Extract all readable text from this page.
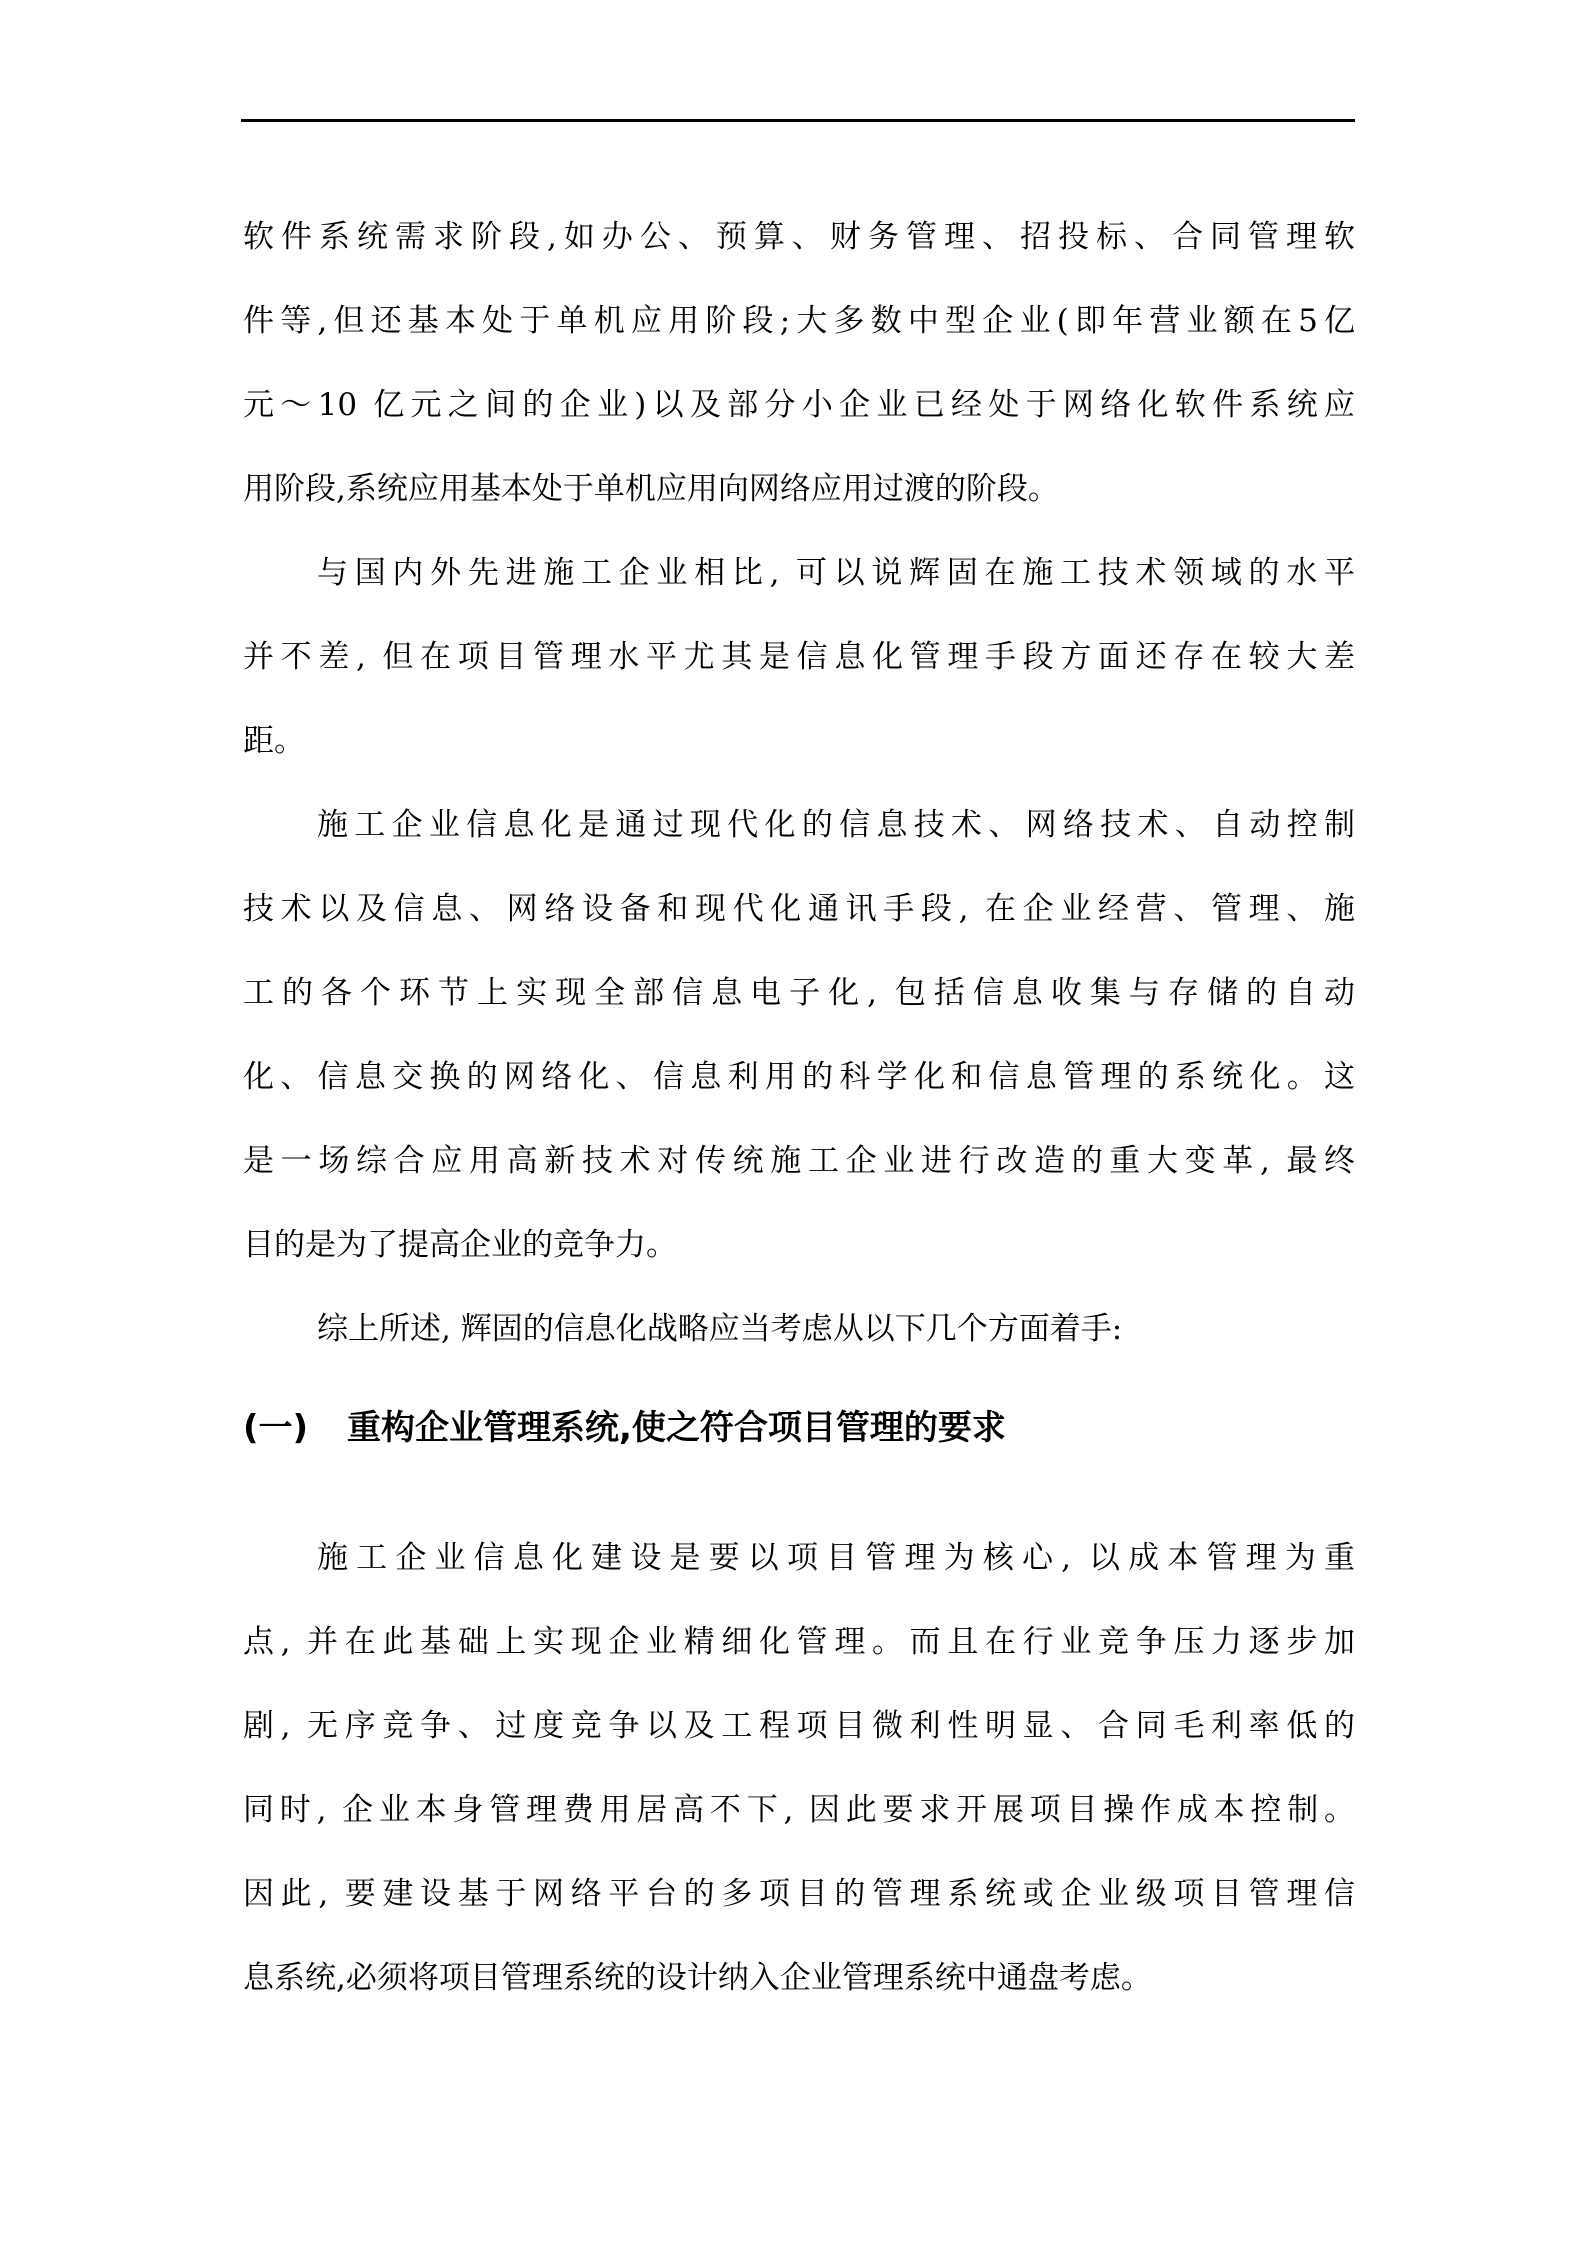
软件系统需求阶段,如办公、预算、财务管理、招投标、合同管理软
件等,但还基本处于单机应用阶段;大多数中型企业(即年营业额在5亿
元～10 亿元之间的企业)以及部分小企业已经处于网络化软件系统应
用阶段,系统应用基本处于单机应用向网络应用过渡的阶段。
与国内外先进施工企业相比, 可以说辉固在施工技术领域的水平
并不差, 但在项目管理水平尤其是信息化管理手段方面还存在较大差
距。
施工企业信息化是通过现代化的信息技术、网络技术、自动控制
技术以及信息、网络设备和现代化通讯手段, 在企业经营、管理、施
工的各个环节上实现全部信息电子化, 包括信息收集与存储的自动
化、信息交换的网络化、信息利用的科学化和信息管理的系统化。这
是一场综合应用高新技术对传统施工企业进行改造的重大变革, 最终
目的是为了提高企业的竞争力。
综上所述, 辉固的信息化战略应当考虑从以下几个方面着手:
(一) 重构企业管理系统,使之符合项目管理的要求
施工企业信息化建设是要以项目管理为核心, 以成本管理为重
点, 并在此基础上实现企业精细化管理。而且在行业竞争压力逐步加
剧, 无序竞争、过度竞争以及工程项目微利性明显、合同毛利率低的
同时, 企业本身管理费用居高不下, 因此要求开展项目操作成本控制。
因此, 要建设基于网络平台的多项目的管理系统或企业级项目管理信
息系统,必须将项目管理系统的设计纳入企业管理系统中通盘考虑。
